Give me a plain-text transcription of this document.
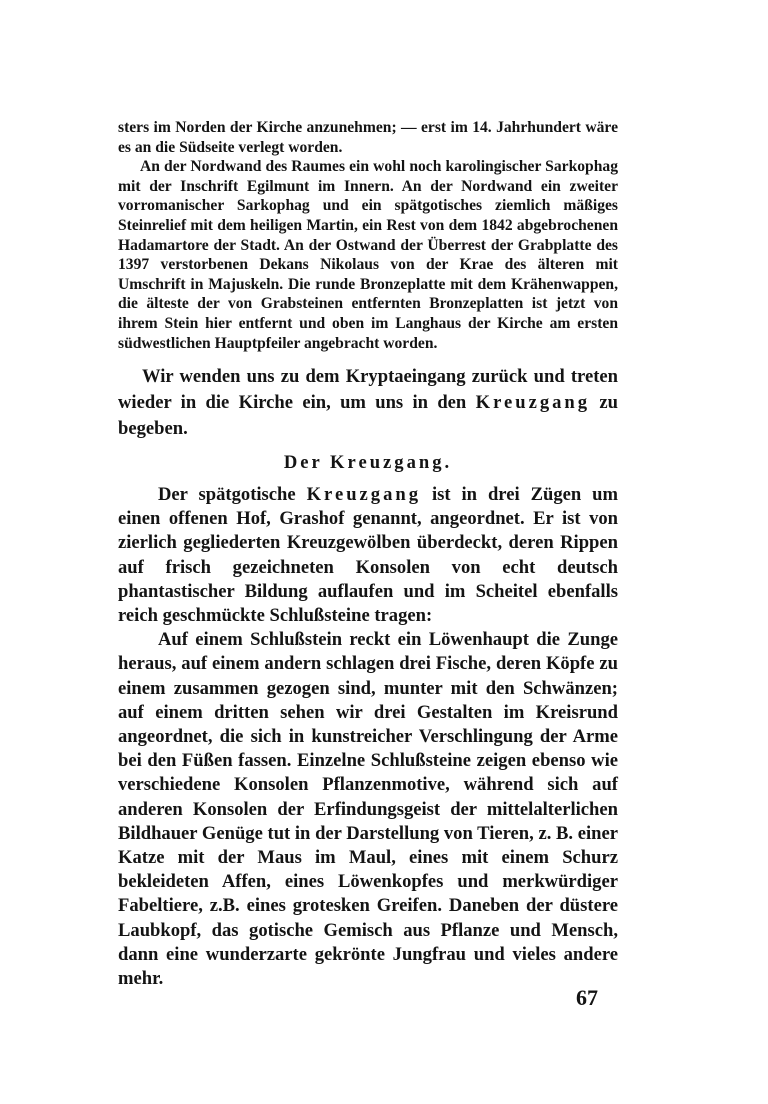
sters im Norden der Kirche anzunehmen; — erst im 14. Jahrhundert wäre es an die Südseite verlegt worden.

An der Nordwand des Raumes ein wohl noch karolingischer Sarkophag mit der Inschrift Egilmunt im Innern. An der Nordwand ein zweiter vorromanischer Sarkophag und ein spätgotisches ziemlich mäßiges Steinrelief mit dem heiligen Martin, ein Rest von dem 1842 abgebrochenen Hadamartore der Stadt. An der Ostwand der Überrest der Grabplatte des 1397 verstorbenen Dekans Nikolaus von der Krae des älteren mit Umschrift in Majuskeln. Die runde Bronzeplatte mit dem Krähenwappen, die älteste der von Grabsteinen entfernten Bronzeplatten ist jetzt von ihrem Stein hier entfernt und oben im Langhaus der Kirche am ersten südwestlichen Hauptpfeiler angebracht worden.

Wir wenden uns zu dem Kryptaeingang zurück und treten wieder in die Kirche ein, um uns in den Kreuzgang zu begeben.

Der Kreuzgang.

Der spätgotische Kreuzgang ist in drei Zügen um einen offenen Hof, Grashof genannt, angeordnet. Er ist von zierlich gegliederten Kreuzgewölben überdeckt, deren Rippen auf frisch gezeichneten Konsolen von echt deutsch phantastischer Bildung auflaufen und im Scheitel ebenfalls reich geschmückte Schlußsteine tragen:

Auf einem Schlußstein reckt ein Löwenhaupt die Zunge heraus, auf einem andern schlagen drei Fische, deren Köpfe zu einem zusammen gezogen sind, munter mit den Schwänzen; auf einem dritten sehen wir drei Gestalten im Kreisrund angeordnet, die sich in kunstreicher Verschlingung der Arme bei den Füßen fassen. Einzelne Schlußsteine zeigen ebenso wie verschiedene Konsolen Pflanzenmotive, während sich auf anderen Konsolen der Erfindungsgeist der mittelalterlichen Bildhauer Genüge tut in der Darstellung von Tieren, z. B. einer Katze mit der Maus im Maul, eines mit einem Schurz bekleideten Affen, eines Löwenkopfes und merkwürdiger Fabeltiere, z.B. eines grotesken Greifen. Daneben der düstere Laubkopf, das gotische Gemisch aus Pflanze und Mensch, dann eine wunderzarte gekrönte Jungfrau und vieles andere mehr.

67
